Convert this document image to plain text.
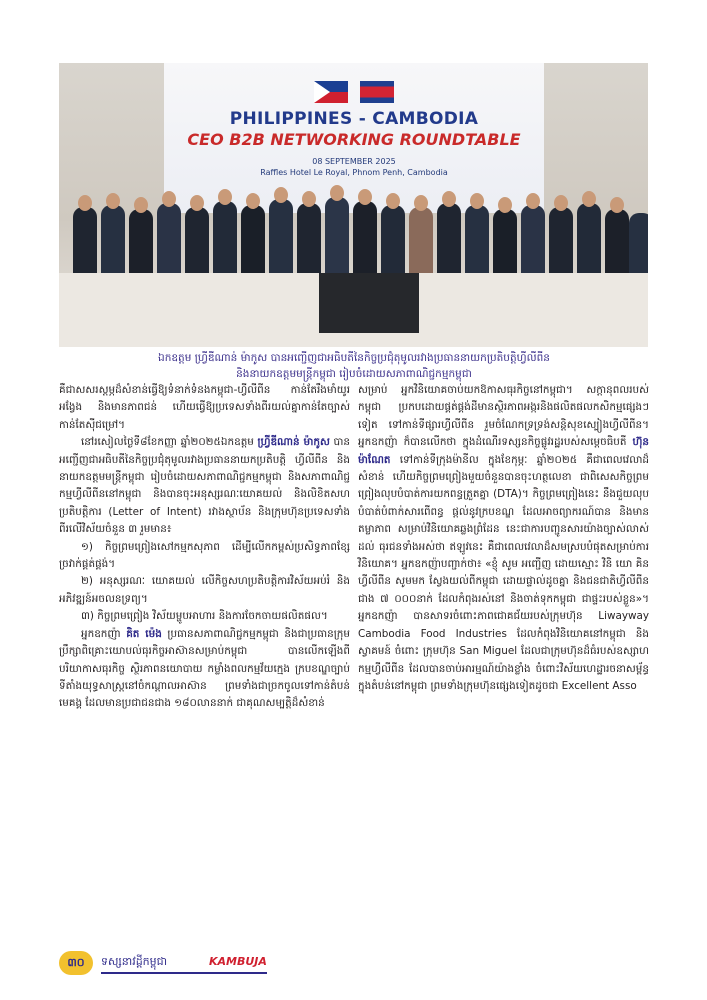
PHILIPPINES - CAMBODIA
CEO B2B NETWORKING ROUNDTABLE
08 SEPTEMBER 2025
Raffles Hotel Le Royal, Phnom Penh, Cambodia
ឯកឧត្តម ហ្វ្រីឌីណាន់ ម៉ាកូស បានអញ្ជើញជាអធិបតីនៃកិច្ចប្រជុំតុមូលរវាងប្រធាននាយកប្រតិបត្តិហ្វីលីពីន
និងនាយកឧត្តមមន្ត្រីកម្ពុជា រៀបចំដោយសភាពាណិជ្ជកម្មកម្ពុជា

គឺជាសសរស្តម្ភដ៏សំខាន់ធ្វើឱ្យទំនាក់ទំនងកម្ពុជា-ហ្វីលីពីន កាន់តែរឹងមាំយូរអង្វែង និងមានភាពជន់ ហើយធ្វើឱ្យប្រទេសទាំងពីរយល់គ្នាកាន់តែច្បាស់ កាន់តែស៊ីជម្រៅ។

នៅរសៀលថ្ងៃទី៨ខែកញ្ញា ឆ្នាំ២០២៥ឯកឧត្តម ហ្វ្រីឌីណាន់ ម៉ាកូស បានអញ្ជើញជាអធិបតីនៃកិច្ចប្រជុំតុមូលរវាងប្រធាននាយកប្រតិបត្តិ ហ្វីលីពីន និងនាយកឧត្តមមន្ត្រីកម្ពុជា រៀបចំដោយសភាពាណិជ្ជកម្មកម្ពុជា និងសភាពាណិជ្ជកម្មហ្វីលីពីននៅកម្ពុជា និងបានចុះអនុស្សរណៈយោគយល់ និងលិខិតសហប្រតិបត្តិការ (Letter of Intent) រវាងស្ថាប័ន និងក្រុមហ៊ុនប្រទេសទាំងពីរលើវិស័យចំនួន ៣ រួមមាន៖

១) កិច្ចព្រមព្រៀងសៅកម្មកសុភាព ដើម្បីលើកកម្ពស់ប្រសិទ្ធភាពខ្សែច្រវាក់ផ្គត់ផ្គង់។

២) អនុស្សរណៈ យោគយល់ លើកិច្ចសហប្រតិបត្តិការវិស័យអប់រំ និងអភិវឌ្ឍន៍អចលនទ្រព្យ។

៣) កិច្ចព្រមព្រៀង វិស័យម្ហូបអាហារ និងការចែកចាយផលិតផល។

អ្នកឧកញ៉ា គិត ម៉េង ប្រធានសភាពាណិជ្ជកម្មកម្ពុជា និងជាប្រធានក្រុមប្រឹក្សាពិគ្រោះយោបល់ធុរកិច្ចអាស៊ានសម្រាប់កម្ពុជា បានលើកឡើងពីបរិយាកាសធុរកិច្ច ស្ថិរភាពនយោបាយ កម្លាំងពលកម្មវ័យក្មេង ក្របខណ្ឌច្បាប់ ទីតាំងយុទ្ធសាស្ត្រនៅចំកណ្តាលអាស៊ាន ព្រមទាំងជាច្រកចូលទៅកាន់តំបន់មេគង្គ ដែលមានប្រជាជនជាង ១៨០លាននាក់ ជាគុណសម្បត្តិដ៏សំខាន់

សម្រាប់ អ្នកវិនិយោគចាប់យកឱកាសធុរកិច្ចនៅកម្ពុជា។ សក្តានុពលរបស់កម្ពុជា ប្រកបដោយផ្គត់ផ្គង់ដីមានស្ថិរភាពអង្ករនិងផលិតផលកសិកម្មផ្សេងៗទៀត ទៅកាន់ទីផ្សារហ្វីលីពីន រួមចំណែកទ្រទ្រង់សន្តិសុខស្បៀងហ្វីលីពីន។ អ្នកឧកញ៉ា ក៏បានលើកថា ក្នុងដំណើរទស្សនកិច្ចផ្លូវរដ្ឋរបស់សម្តេចធិបតី ហ៊ុន ម៉ាណែត ទៅកាន់ទីក្រុងម៉ានីល ក្នុងខែកុម្ភៈ ឆ្នាំ២០២៥ គឺជាពេលវេលាដ៏សំខាន់ ហើយកិច្ចព្រមព្រៀងមួយចំនួនបានចុះហត្ថលេខា ជាពិសេសកិច្ចព្រមព្រៀងលុបបំបាត់ការយកពន្ធត្រួតគ្នា (DTA)។ កិច្ចព្រមព្រៀងនេះ នឹងជួយលុបបំបាត់បំពាក់សារពើពន្ធ ផ្តល់នូវក្របខណ្ឌ ដែលអាចព្យាករណ៍បាន និងមានតម្លាភាព សម្រាប់វិនិយោគឆ្លងព្រំដែន នេះជាការបញ្ជូនសារយ៉ាងច្បាស់លាស់ ដល់ ធុរជនទាំងអស់ថា ឥឡូវនេះ គឺជាពេលវេលាដ៏សមស្របបំផុតសម្រាប់ការវិនិយោគ។ អ្នកឧកញ៉ាបញ្ជាក់ថា៖ «ខ្ញុំ សូម អញ្ជើញ ដោយស្មោះ វិនិ យោ គិន ហ្វីលីពីន សូមមក ស្វែងយល់ពីកម្ពុជា ដោយផ្ទាល់ដូចគ្នា និងជនជាតិហ្វីលីពីនជាង ៧ ០០០នាក់ ដែលកំពុងរស់នៅ និងចាត់ទុកកម្ពុជា ជាផ្ទះរបស់ខ្លួន»។ អ្នកឧកញ៉ា បានសាទរចំពោះភាពជោគជ័យរបស់ក្រុមហ៊ុន Liwayway Cambodia Food Industries ដែលកំពុងវិនិយោគនៅកម្ពុជា និងស្វាគមន៍ ចំពោះ ក្រុមហ៊ុន San Miguel ដែលជាក្រុមហ៊ុនដ៏ធំរបស់ឧស្សាហកម្មហ្វីលីពីន ដែលបានចាប់អារម្មណ៍យ៉ាងខ្លាំង ចំពោះវិស័យហេដ្ឋារចនាសម្ព័ន្ធក្នុងតំបន់នៅកម្ពុជា ព្រមទាំងក្រុមហ៊ុនផ្សេងទៀតដូចជា Excellent Asso

៣០	ទស្សនាវដ្តីកម្ពុជា	KAMBUJA
